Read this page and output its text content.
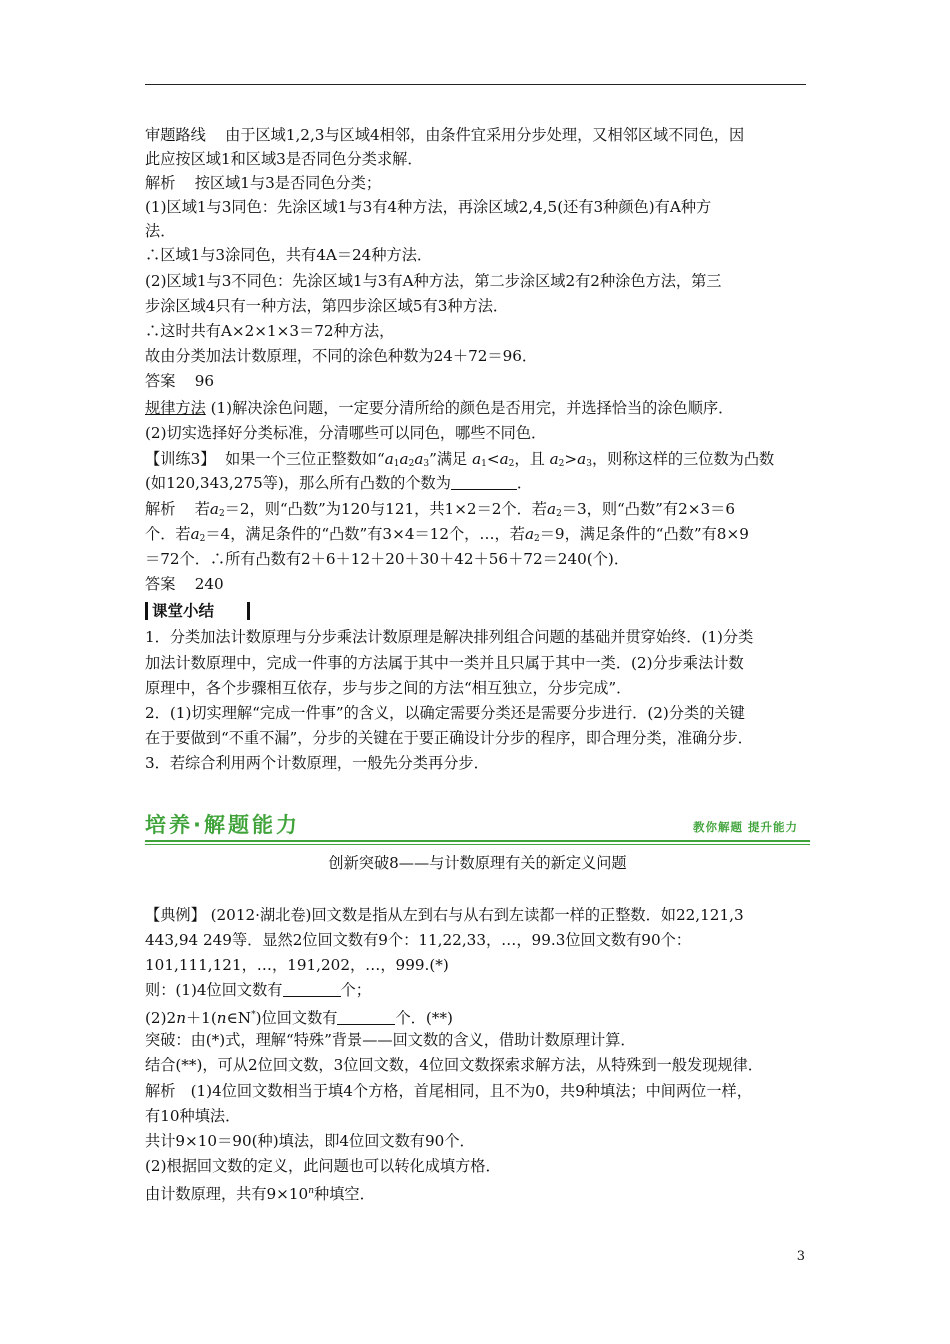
审题路线 由于区域1,2,3与区域4相邻，由条件宜采用分步处理，又相邻区域不同色，因
此应按区域1和区域3是否同色分类求解．
解析 按区域1与3是否同色分类；
(1)区域1与3同色：先涂区域1与3有4种方法，再涂区域2,4,5(还有3种颜色)有A种方
法．
∴区域1与3涂同色，共有4A＝24种方法．
(2)区域1与3不同色：先涂区域1与3有A种方法，第二步涂区域2有2种涂色方法，第三
步涂区域4只有一种方法，第四步涂区域5有3种方法．
∴这时共有A×2×1×3＝72种方法，
故由分类加法计数原理，不同的涂色种数为24＋72＝96．
答案 96
规律方法 (1)解决涂色问题，一定要分清所给的颜色是否用完，并选择恰当的涂色顺序．
(2)切实选择好分类标准，分清哪些可以同色，哪些不同色．
【训练3】 如果一个三位正整数如“$a_1a_2a_3$”满足 $a_1<a_2$，且 $a_2>a_3$，则称这样的三位数为凸数
(如120,343,275等)，那么所有凸数的个数为	．
解析 若$a_2=2$，则“凸数”为120与121，共1×2＝2个．若$a_2=3$，则“凸数”有2×3＝6
个．若$a_2=4$，满足条件的“凸数”有3×4＝12个，…，若$a_2=9$，满足条件的“凸数”有8×9
＝72个．∴所有凸数有2＋6＋12＋20＋30＋42＋56＋72＝240(个)．
答案 240
课堂小结
1．分类加法计数原理与分步乘法计数原理是解决排列组合问题的基础并贯穿始终．(1)分类
加法计数原理中，完成一件事的方法属于其中一类并且只属于其中一类．(2)分步乘法计数
原理中，各个步骤相互依存，步与步之间的方法“相互独立，分步完成”．
2．(1)切实理解“完成一件事”的含义，以确定需要分类还是需要分步进行．(2)分类的关键
在于要做到“不重不漏”，分步的关键在于要正确设计分步的程序，即合理分类，准确分步．
3．若综合利用两个计数原理，一般先分类再分步．
培养·解题能力	教你解题 提升能力
创新突破8——与计数原理有关的新定义问题
【典例】 (2012·湖北卷)回文数是指从左到右与从右到左读都一样的正整数．如22,121,3
443,94 249等．显然2位回文数有9个：11,22,33，…，99.3位回文数有90个：
101,111,121，…，191,202，…，999.(*)
则：(1)4位回文数有	个；
(2)2n＋1(n∈N*)位回文数有	个．(**)
突破：由(*)式，理解“特殊”背景——回文数的含义，借助计数原理计算．
结合(**)，可从2位回文数，3位回文数，4位回文数探索求解方法，从特殊到一般发现规律．
解析　(1)4位回文数相当于填4个方格，首尾相同，且不为0，共9种填法；中间两位一样，
有10种填法．
共计9×10＝90(种)填法，即4位回文数有90个．
(2)根据回文数的定义，此问题也可以转化成填方格．
由计数原理，共有$9\times 10^n$种填空．
3
